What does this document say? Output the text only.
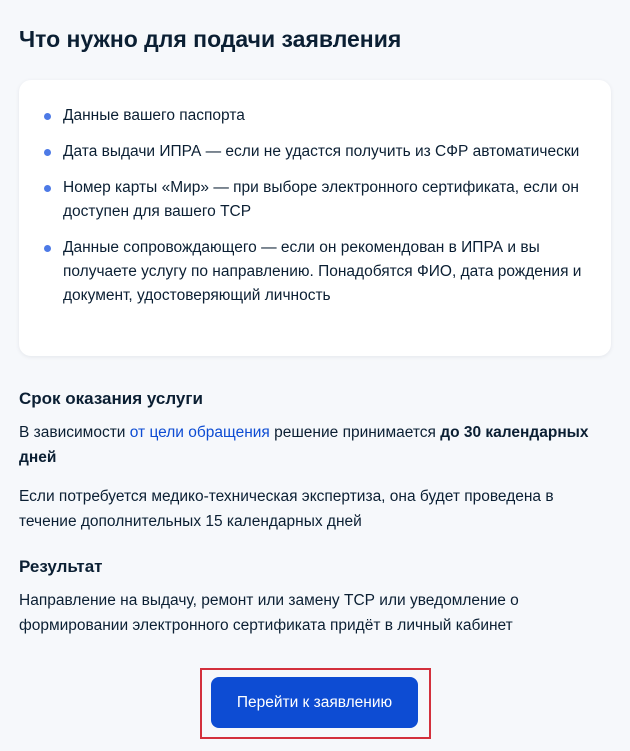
Что нужно для подачи заявления
Данные вашего паспорта
Дата выдачи ИПРА — если не удастся получить из СФР автоматически
Номер карты «Мир» — при выборе электронного сертификата, если он доступен для вашего ТСР
Данные сопровождающего — если он рекомендован в ИПРА и вы получаете услугу по направлению. Понадобятся ФИО, дата рождения и документ, удостоверяющий личность
Срок оказания услуги

В зависимости от цели обращения решение принимается до 30 календарных дней

Если потребуется медико-техническая экспертиза, она будет проведена в течение дополнительных 15 календарных дней

Результат

Направление на выдачу, ремонт или замену ТСР или уведомление о формировании электронного сертификата придёт в личный кабинет

Перейти к заявлению
